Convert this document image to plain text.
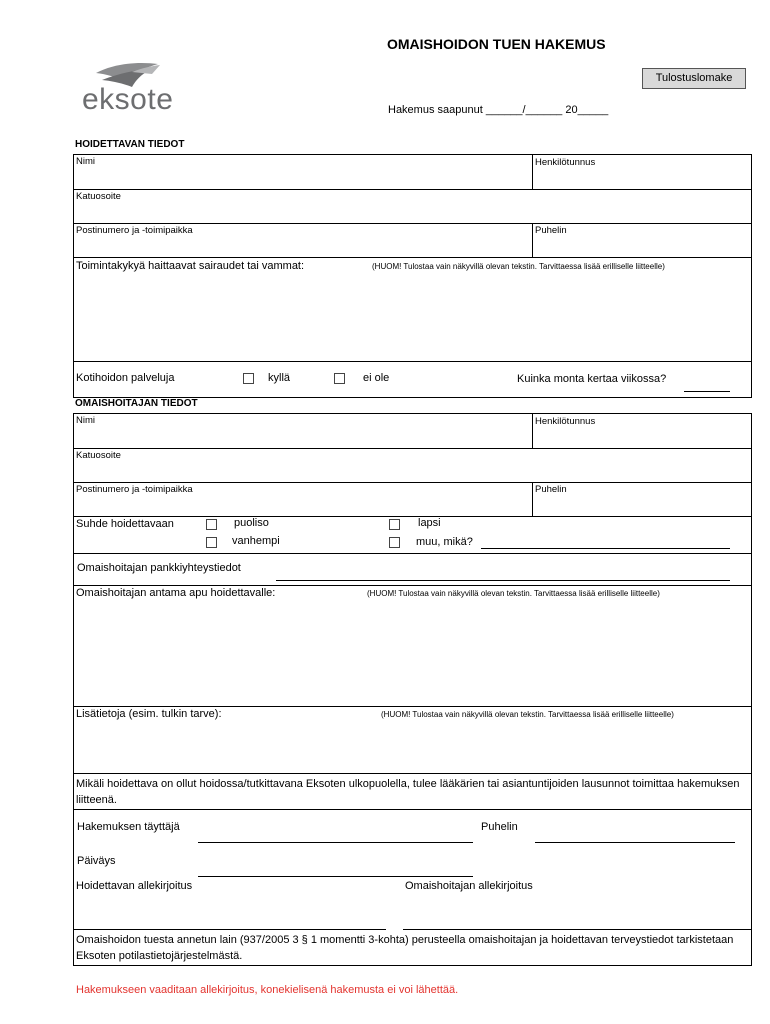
OMAISHOIDON TUEN HAKEMUS
Tulostuslomake
eksote	Hakemus saapunut ______/______ 20_____
HOIDETTAVAN TIEDOT
Nimi	Henkilötunnus
Katuosoite
Postinumero ja -toimipaikka	Puhelin
Toimintakykyä haittaavat sairaudet tai vammat:	(HUOM! Tulostaa vain näkyvillä olevan tekstin. Tarvittaessa lisää erilliselle liitteelle)
Kotihoidon palveluja	kyllä	ei ole	Kuinka monta kertaa viikossa?
OMAISHOITAJAN TIEDOT
Nimi	Henkilötunnus
Katuosoite
Postinumero ja -toimipaikka	Puhelin
Suhde hoidettavaan	puoliso	lapsi
vanhempi	muu, mikä?
Omaishoitajan pankkiyhteystiedot
Omaishoitajan antama apu hoidettavalle:	(HUOM! Tulostaa vain näkyvillä olevan tekstin. Tarvittaessa lisää erilliselle liitteelle)
Lisätietoja (esim. tulkin tarve):	(HUOM! Tulostaa vain näkyvillä olevan tekstin. Tarvittaessa lisää erilliselle liitteelle)
Mikäli hoidettava on ollut hoidossa/tutkittavana Eksoten ulkopuolella, tulee lääkärien tai asiantuntijoiden lausunnot toimittaa hakemuksen liitteenä.
Hakemuksen täyttäjä	Puhelin
Päiväys
Hoidettavan allekirjoitus	Omaishoitajan allekirjoitus
Omaishoidon tuesta annetun lain (937/2005 3 § 1 momentti 3-kohta) perusteella omaishoitajan ja hoidettavan terveystiedot tarkistetaan Eksoten potilastietojärjestelmästä.
Hakemukseen vaaditaan allekirjoitus, konekielisenä hakemusta ei voi lähettää.
